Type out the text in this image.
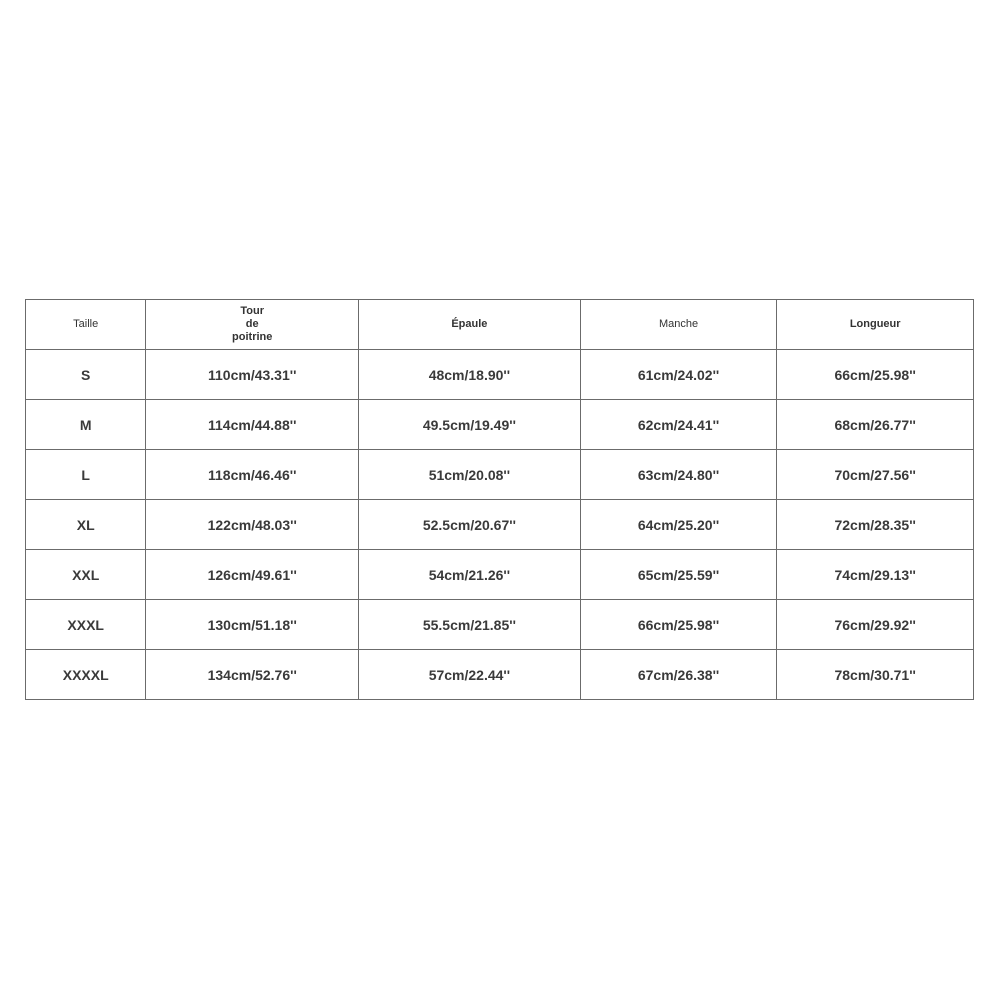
Taille	Tour
de
poitrine	Épaule	Manche	Longueur
S	110cm/43.31''	48cm/18.90''	61cm/24.02''	66cm/25.98''
M	114cm/44.88''	49.5cm/19.49''	62cm/24.41''	68cm/26.77''
L	118cm/46.46''	51cm/20.08''	63cm/24.80''	70cm/27.56''
XL	122cm/48.03''	52.5cm/20.67''	64cm/25.20''	72cm/28.35''
XXL	126cm/49.61''	54cm/21.26''	65cm/25.59''	74cm/29.13''
XXXL	130cm/51.18''	55.5cm/21.85''	66cm/25.98''	76cm/29.92''
XXXXL	134cm/52.76''	57cm/22.44''	67cm/26.38''	78cm/30.71''
